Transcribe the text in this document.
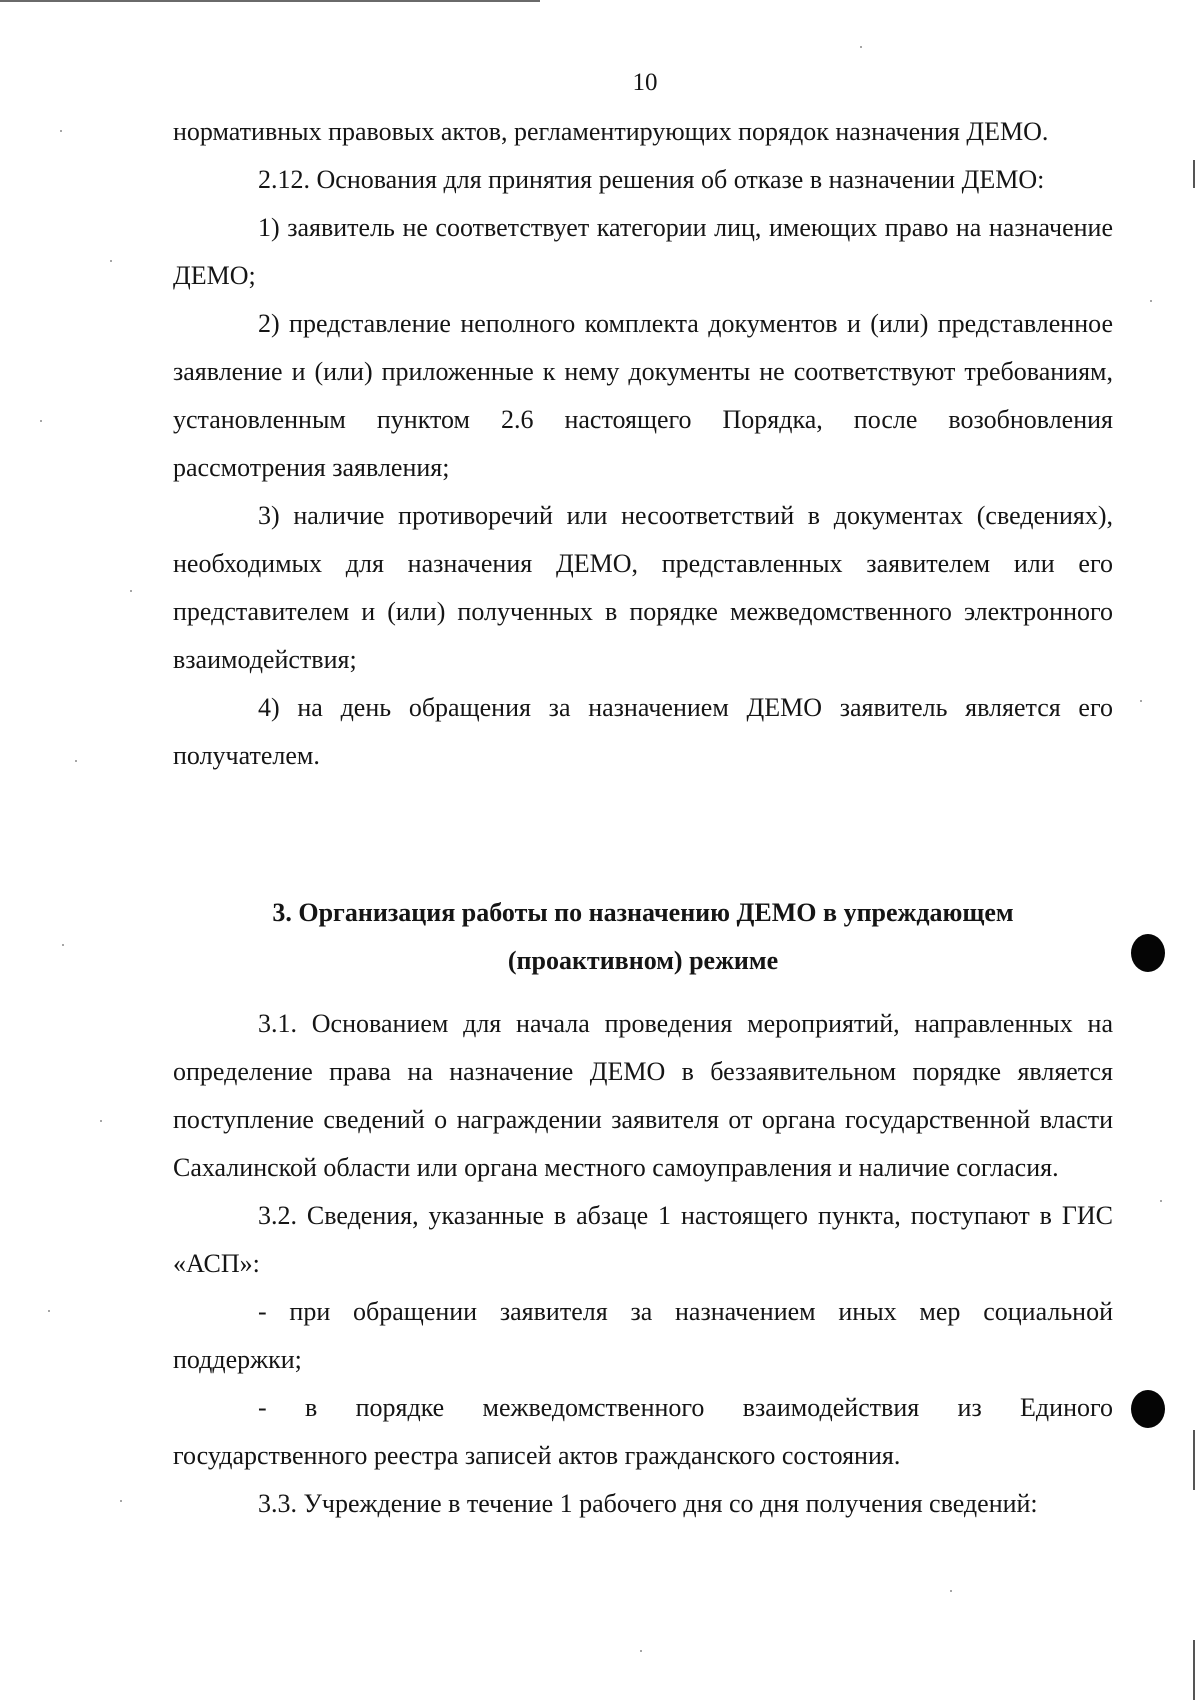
10

нормативных правовых актов, регламентирующих порядок назначения ДЕМО.

2.12. Основания для принятия решения об отказе в назначении ДЕМО:

1) заявитель не соответствует категории лиц, имеющих право на назначение ДЕМО;

2) представление неполного комплекта документов и (или) представленное заявление и (или) приложенные к нему документы не соответствуют требованиям, установленным пунктом 2.6 настоящего Порядка, после возобновления рассмотрения заявления;

3) наличие противоречий или несоответствий в документах (сведениях), необходимых для назначения ДЕМО, представленных заявителем или его представителем и (или) полученных в порядке межведомственного электронного взаимодействия;

4) на день обращения за назначением ДЕМО заявитель является его получателем.

3. Организация работы по назначению ДЕМО в упреждающем
(проактивном) режиме

3.1. Основанием для начала проведения мероприятий, направленных на определение права на назначение ДЕМО в беззаявительном порядке является поступление сведений о награждении заявителя от органа государственной власти Сахалинской области или органа местного самоуправления и наличие согласия.

3.2. Сведения, указанные в абзаце 1 настоящего пункта, поступают в ГИС «АСП»:

- при обращении заявителя за назначением иных мер социальной поддержки;

- в порядке межведомственного взаимодействия из Единого государственного реестра записей актов гражданского состояния.

3.3. Учреждение в течение 1 рабочего дня со дня получения сведений:
